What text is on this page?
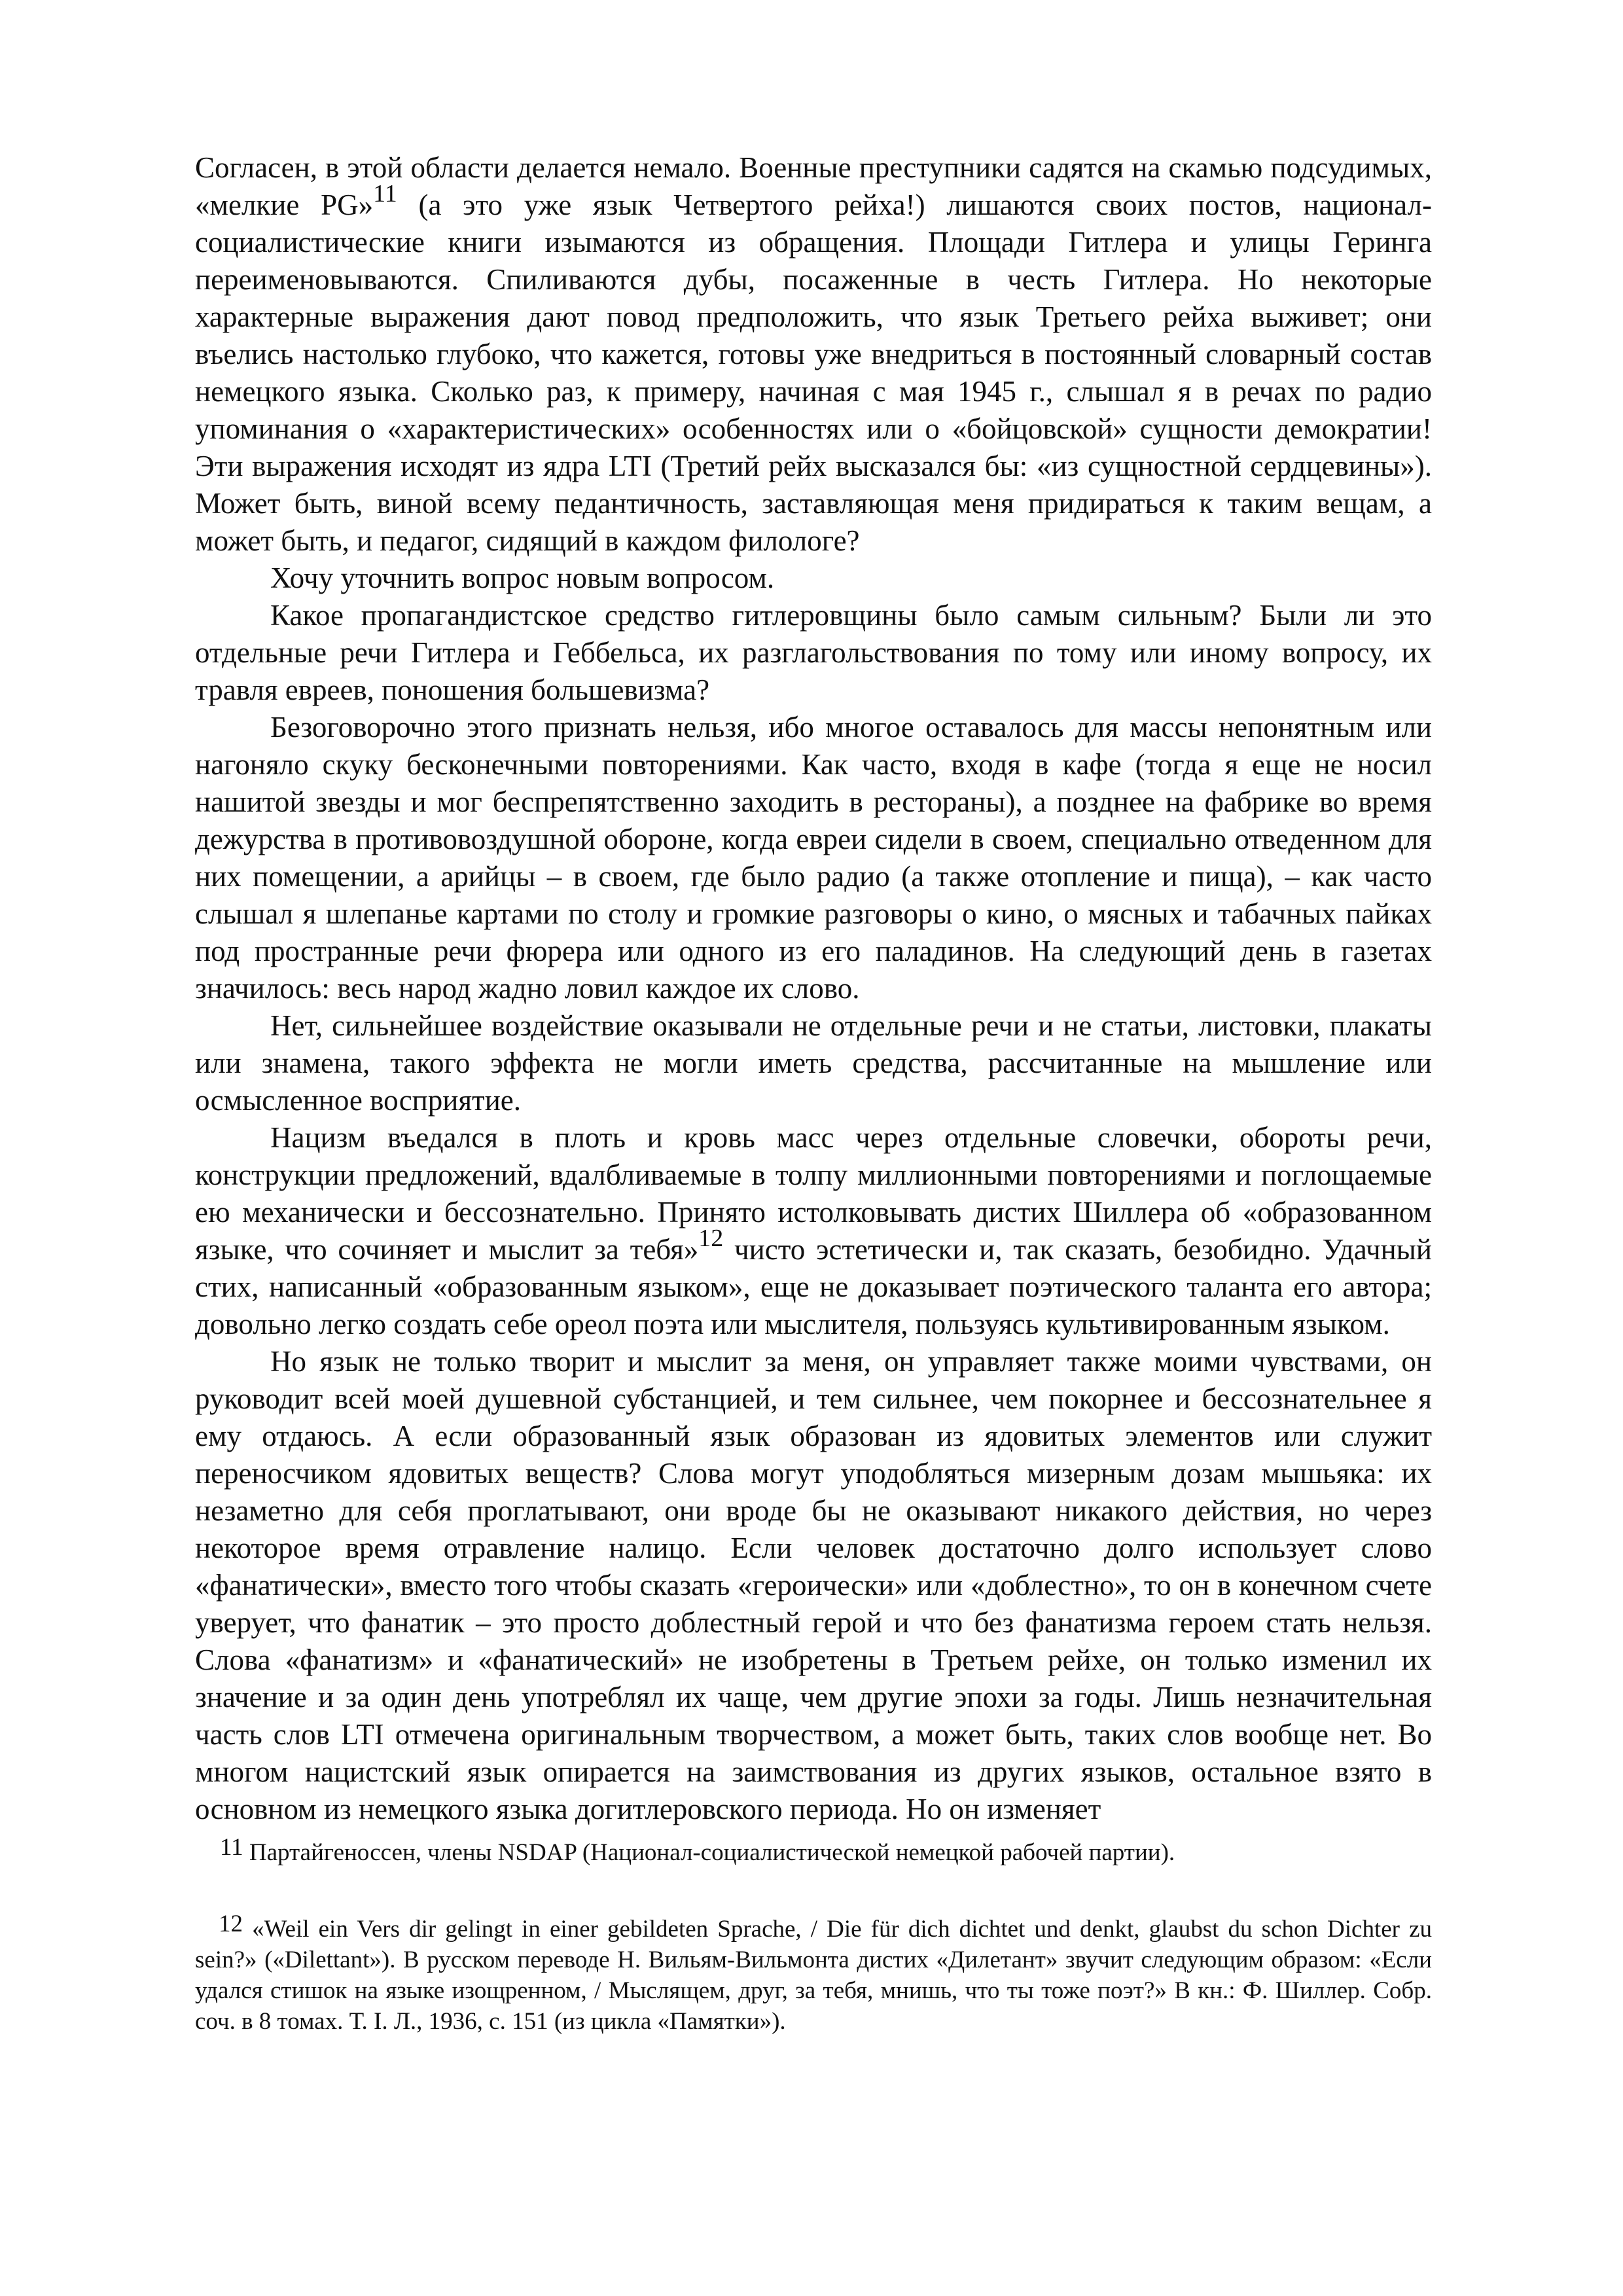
Согласен, в этой области делается немало. Военные преступники садятся на скамью подсудимых, «мелкие PG»$^{11}$ (а это уже язык Четвертого рейха!) лишаются своих постов, национал-социалистические книги изымаются из обращения. Площади Гитлера и улицы Геринга переименовываются. Спиливаются дубы, посаженные в честь Гитлера. Но некоторые характерные выражения дают повод предположить, что язык Третьего рейха выживет; они въелись настолько глубоко, что кажется, готовы уже внедриться в постоянный словарный состав немецкого языка. Сколько раз, к примеру, начиная с мая 1945 г., слышал я в речах по радио упоминания о «характеристических» особенностях или о «бойцовской» сущности демократии! Эти выражения исходят из ядра LTI (Третий рейх высказался бы: «из сущностной сердцевины»). Может быть, виной всему педантичность, заставляющая меня придираться к таким вещам, а может быть, и педагог, сидящий в каждом филологе?

Хочу уточнить вопрос новым вопросом.

Какое пропагандистское средство гитлеровщины было самым сильным? Были ли это отдельные речи Гитлера и Геббельса, их разглагольствования по тому или иному вопросу, их травля евреев, поношения большевизма?

Безоговорочно этого признать нельзя, ибо многое оставалось для массы непонятным или нагоняло скуку бесконечными повторениями. Как часто, входя в кафе (тогда я еще не носил нашитой звезды и мог беспрепятственно заходить в рестораны), а позднее на фабрике во время дежурства в противовоздушной обороне, когда евреи сидели в своем, специально отведенном для них помещении, а арийцы – в своем, где было радио (а также отопление и пища), – как часто слышал я шлепанье картами по столу и громкие разговоры о кино, о мясных и табачных пайках под пространные речи фюрера или одного из его паладинов. На следующий день в газетах значилось: весь народ жадно ловил каждое их слово.

Нет, сильнейшее воздействие оказывали не отдельные речи и не статьи, листовки, плакаты или знамена, такого эффекта не могли иметь средства, рассчитанные на мышление или осмысленное восприятие.

Нацизм въедался в плоть и кровь масс через отдельные словечки, обороты речи, конструкции предложений, вдалбливаемые в толпу миллионными повторениями и поглощаемые ею механически и бессознательно. Принято истолковывать дистих Шиллера об «образованном языке, что сочиняет и мыслит за тебя»$^{12}$ чисто эстетически и, так сказать, безобидно. Удачный стих, написанный «образованным языком», еще не доказывает поэтического таланта его автора; довольно легко создать себе ореол поэта или мыслителя, пользуясь культивированным языком.

Но язык не только творит и мыслит за меня, он управляет также моими чувствами, он руководит всей моей душевной субстанцией, и тем сильнее, чем покорнее и бессознательнее я ему отдаюсь. А если образованный язык образован из ядовитых элементов или служит переносчиком ядовитых веществ? Слова могут уподобляться мизерным дозам мышьяка: их незаметно для себя проглатывают, они вроде бы не оказывают никакого действия, но через некоторое время отравление налицо. Если человек достаточно долго использует слово «фанатически», вместо того чтобы сказать «героически» или «доблестно», то он в конечном счете уверует, что фанатик – это просто доблестный герой и что без фанатизма героем стать нельзя. Слова «фанатизм» и «фанатический» не изобретены в Третьем рейхе, он только изменил их значение и за один день употреблял их чаще, чем другие эпохи за годы. Лишь незначительная часть слов LTI отмечена оригинальным творчеством, а может быть, таких слов вообще нет. Во многом нацистский язык опирается на заимствования из других языков, остальное взято в основном из немецкого языка догитлеровского периода. Но он изменяет

11 Партайгеноссен, члены NSDAP (Национал-социалистической немецкой рабочей партии).

12 «Weil ein Vers dir gelingt in einer gebildeten Sprache, / Die für dich dichtet und denkt, glaubst du schon Dichter zu sein?» («Dilettant»). В русском переводе Н. Вильям-Вильмонта дистих «Дилетант» звучит следующим образом: «Если удался стишок на языке изощренном, / Мыслящем, друг, за тебя, мнишь, что ты тоже поэт?» В кн.: Ф. Шиллер. Собр. соч. в 8 томах. Т. I. Л., 1936, с. 151 (из цикла «Памятки»).
